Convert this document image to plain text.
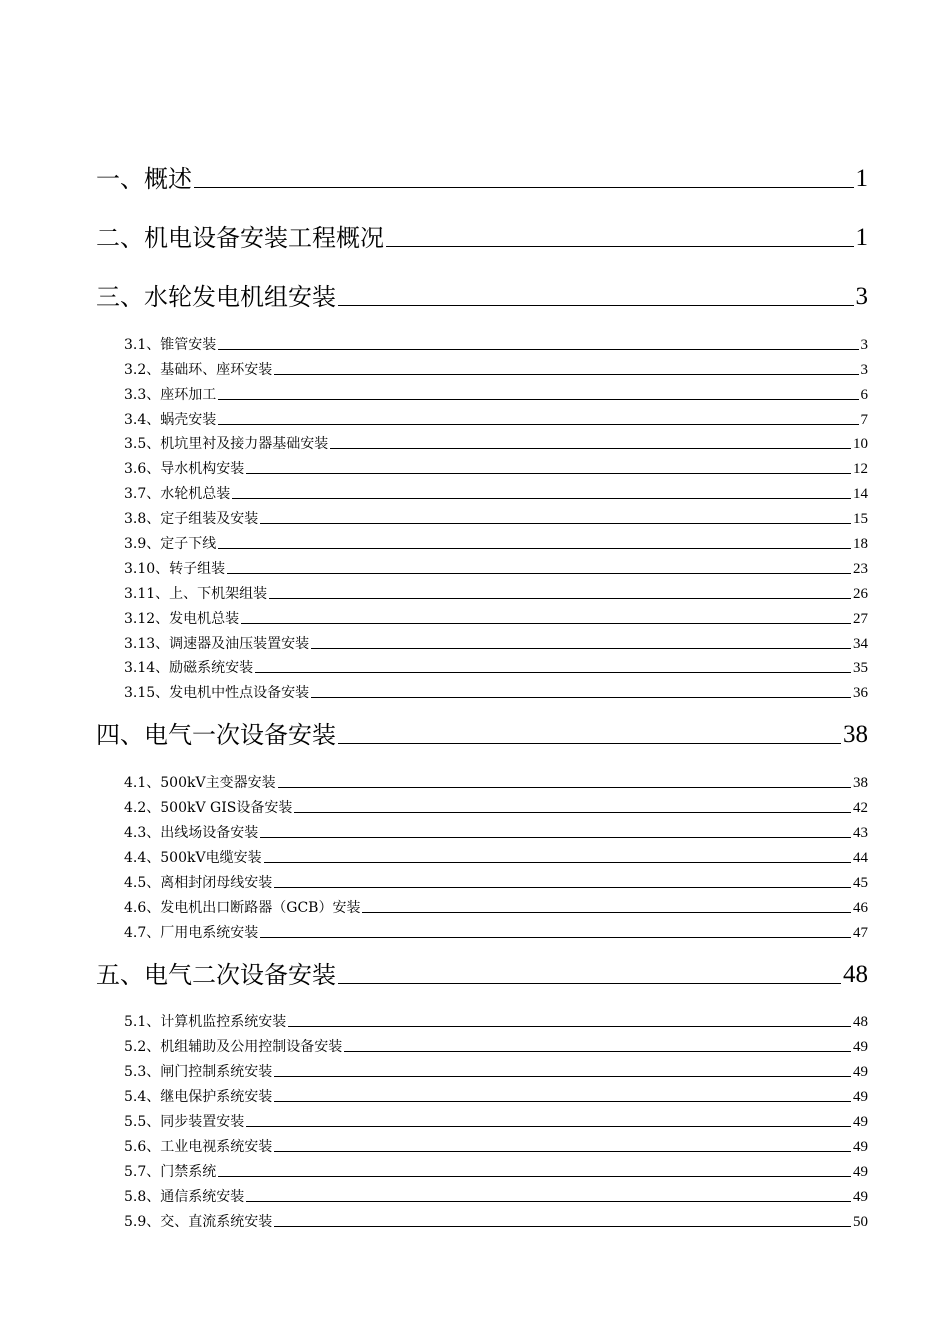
一、概述	1
二、机电设备安装工程概况	1
三、水轮发电机组安装	3
3.1、锥管安装	3
3.2、基础环、座环安装	3
3.3、座环加工	6
3.4、蜗壳安装	7
3.5、机坑里衬及接力器基础安装	10
3.6、导水机构安装	12
3.7、水轮机总装	14
3.8、定子组装及安装	15
3.9、定子下线	18
3.10、转子组装	23
3.11、上、下机架组装	26
3.12、发电机总装	27
3.13、调速器及油压装置安装	34
3.14、励磁系统安装	35
3.15、发电机中性点设备安装	36
四、电气一次设备安装	38
4.1、500kV主变器安装	38
4.2、500kV GIS设备安装	42
4.3、出线场设备安装	43
4.4、500kV电缆安装	44
4.5、离相封闭母线安装	45
4.6、发电机出口断路器（GCB）安装	46
4.7、厂用电系统安装	47
五、电气二次设备安装	48
5.1、计算机监控系统安装	48
5.2、机组辅助及公用控制设备安装	49
5.3、闸门控制系统安装	49
5.4、继电保护系统安装	49
5.5、同步装置安装	49
5.6、工业电视系统安装	49
5.7、门禁系统	49
5.8、通信系统安装	49
5.9、交、直流系统安装	50
